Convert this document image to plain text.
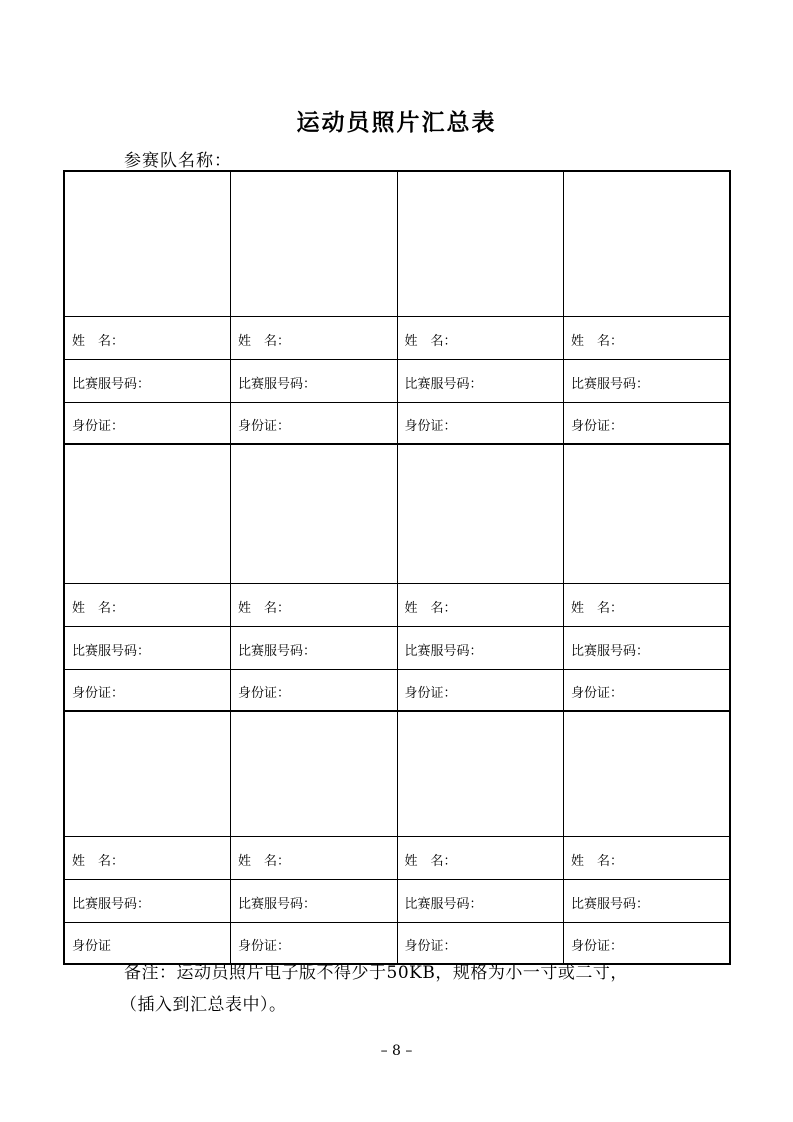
运动员照片汇总表
参赛队名称：

姓　名：	姓　名：	姓　名：	姓　名：
比赛服号码：	比赛服号码：	比赛服号码：	比赛服号码：
身份证：	身份证：	身份证：	身份证：

姓　名：	姓　名：	姓　名：	姓　名：
比赛服号码：	比赛服号码：	比赛服号码：	比赛服号码：
身份证：	身份证：	身份证：	身份证：

姓　名：	姓　名：	姓　名：	姓　名：
比赛服号码：	比赛服号码：	比赛服号码：	比赛服号码：
身份证	身份证：	身份证：	身份证：
备注：运动员照片电子版不得少于50KB，规格为小一寸或二寸，
（插入到汇总表中）。
– 8 –
